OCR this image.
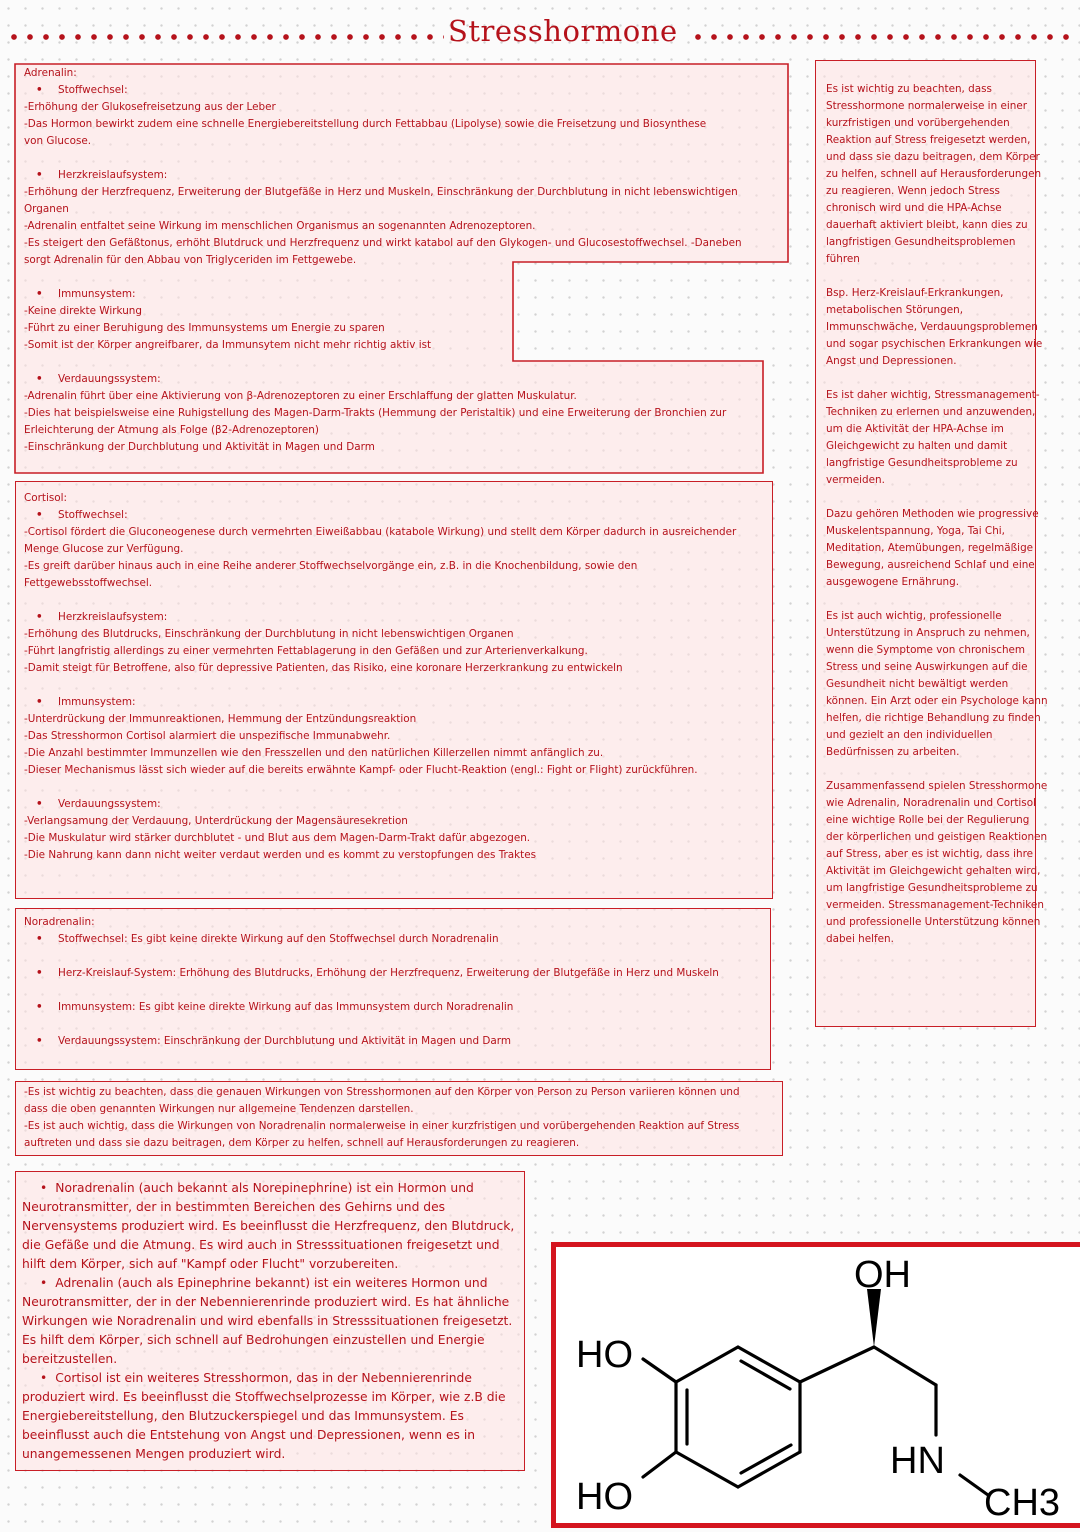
Stresshormone

Adrenalin:

• Stoffwechsel:

-Erhöhung der Glukosefreisetzung aus der Leber

-Das Hormon bewirkt zudem eine schnelle Energiebereitstellung durch Fettabbau (Lipolyse) sowie die Freisetzung und Biosynthese

von Glucose.

• Herzkreislaufsystem:

-Erhöhung der Herzfrequenz, Erweiterung der Blutgefäße in Herz und Muskeln, Einschränkung der Durchblutung in nicht lebenswichtigen

Organen

-Adrenalin entfaltet seine Wirkung im menschlichen Organismus an sogenannten Adrenozeptoren.

-Es steigert den Gefäßtonus, erhöht Blutdruck und Herzfrequenz und wirkt katabol auf den Glykogen- und Glucosestoffwechsel. -Daneben

sorgt Adrenalin für den Abbau von Triglyceriden im Fettgewebe.

• Immunsystem:

-Keine direkte Wirkung

-Führt zu einer Beruhigung des Immunsystems um Energie zu sparen

-Somit ist der Körper angreifbarer, da Immunsytem nicht mehr richtig aktiv ist

• Verdauungssystem:

-Adrenalin führt über eine Aktivierung von β-Adrenozeptoren zu einer Erschlaffung der glatten Muskulatur.

-Dies hat beispielsweise eine Ruhigstellung des Magen-Darm-Trakts (Hemmung der Peristaltik) und eine Erweiterung der Bronchien zur

Erleichterung der Atmung als Folge (β2-Adrenozeptoren)

-Einschränkung der Durchblutung und Aktivität in Magen und Darm

Cortisol:

• Stoffwechsel:

-Cortisol fördert die Gluconeogenese durch vermehrten Eiweißabbau (katabole Wirkung) und stellt dem Körper dadurch in ausreichender

Menge Glucose zur Verfügung.

-Es greift darüber hinaus auch in eine Reihe anderer Stoffwechselvorgänge ein, z.B. in die Knochenbildung, sowie den

Fettgewebsstoffwechsel.

• Herzkreislaufsystem:

-Erhöhung des Blutdrucks, Einschränkung der Durchblutung in nicht lebenswichtigen Organen

-Führt langfristig allerdings zu einer vermehrten Fettablagerung in den Gefäßen und zur Arterienverkalkung.

-Damit steigt für Betroffene, also für depressive Patienten, das Risiko, eine koronare Herzerkrankung zu entwickeln

• Immunsystem:

-Unterdrückung der Immunreaktionen, Hemmung der Entzündungsreaktion

-Das Stresshormon Cortisol alarmiert die unspezifische Immunabwehr.

-Die Anzahl bestimmter Immunzellen wie den Fresszellen und den natürlichen Killerzellen nimmt anfänglich zu.

-Dieser Mechanismus lässt sich wieder auf die bereits erwähnte Kampf- oder Flucht-Reaktion (engl.: Fight or Flight) zurückführen.

• Verdauungssystem:

-Verlangsamung der Verdauung, Unterdrückung der Magensäuresekretion

-Die Muskulatur wird stärker durchblutet - und Blut aus dem Magen-Darm-Trakt dafür abgezogen.

-Die Nahrung kann dann nicht weiter verdaut werden und es kommt zu verstopfungen des Traktes

Noradrenalin:

• Stoffwechsel: Es gibt keine direkte Wirkung auf den Stoffwechsel durch Noradrenalin

• Herz-Kreislauf-System: Erhöhung des Blutdrucks, Erhöhung der Herzfrequenz, Erweiterung der Blutgefäße in Herz und Muskeln

• Immunsystem: Es gibt keine direkte Wirkung auf das Immunsystem durch Noradrenalin

• Verdauungssystem: Einschränkung der Durchblutung und Aktivität in Magen und Darm

-Es ist wichtig zu beachten, dass die genauen Wirkungen von Stresshormonen auf den Körper von Person zu Person variieren können und

dass die oben genannten Wirkungen nur allgemeine Tendenzen darstellen.

-Es ist auch wichtig, dass die Wirkungen von Noradrenalin normalerweise in einer kurzfristigen und vorübergehenden Reaktion auf Stress

auftreten und dass sie dazu beitragen, dem Körper zu helfen, schnell auf Herausforderungen zu reagieren.

Es ist wichtig zu beachten, dass Stresshormone normalerweise in einer kurzfristigen und vorübergehenden Reaktion auf Stress freigesetzt werden, und dass sie dazu beitragen, dem Körper zu helfen, schnell auf Herausforderungen zu reagieren. Wenn jedoch Stress chronisch wird und die HPA-Achse dauerhaft aktiviert bleibt, kann dies zu langfristigen Gesundheitsproblemen führen

Bsp. Herz-Kreislauf-Erkrankungen, metabolischen Störungen, Immunschwäche, Verdauungsproblemen und sogar psychischen Erkrankungen wie Angst und Depressionen.

Es ist daher wichtig, Stressmanagement-Techniken zu erlernen und anzuwenden, um die Aktivität der HPA-Achse im Gleichgewicht zu halten und damit langfristige Gesundheitsprobleme zu vermeiden.

Dazu gehören Methoden wie progressive Muskelentspannung, Yoga, Tai Chi, Meditation, Atemübungen, regelmäßige Bewegung, ausreichend Schlaf und eine ausgewogene Ernährung.

Es ist auch wichtig, professionelle Unterstützung in Anspruch zu nehmen, wenn die Symptome von chronischem Stress und seine Auswirkungen auf die Gesundheit nicht bewältigt werden können. Ein Arzt oder ein Psychologe kann helfen, die richtige Behandlung zu finden und gezielt an den individuellen Bedürfnissen zu arbeiten.

Zusammenfassend spielen Stresshormone wie Adrenalin, Noradrenalin und Cortisol eine wichtige Rolle bei der Regulierung der körperlichen und geistigen Reaktionen auf Stress, aber es ist wichtig, dass ihre Aktivität im Gleichgewicht gehalten wird, um langfristige Gesundheitsprobleme zu vermeiden. Stressmanagement-Techniken und professionelle Unterstützung können dabei helfen.

• Noradrenalin (auch bekannt als Norepinephrine) ist ein Hormon und Neurotransmitter, der in bestimmten Bereichen des Gehirns und des Nervensystems produziert wird. Es beeinflusst die Herzfrequenz, den Blutdruck, die Gefäße und die Atmung. Es wird auch in Stresssituationen freigesetzt und hilft dem Körper, sich auf "Kampf oder Flucht" vorzubereiten.

• Adrenalin (auch als Epinephrine bekannt) ist ein weiteres Hormon und Neurotransmitter, der in der Nebennierenrinde produziert wird. Es hat ähnliche Wirkungen wie Noradrenalin und wird ebenfalls in Stresssituationen freigesetzt. Es hilft dem Körper, sich schnell auf Bedrohungen einzustellen und Energie bereitzustellen.

• Cortisol ist ein weiteres Stresshormon, das in der Nebennierenrinde produziert wird. Es beeinflusst die Stoffwechselprozesse im Körper, wie z.B die Energiebereitstellung, den Blutzuckerspiegel und das Immunsystem. Es beeinflusst auch die Entstehung von Angst und Depressionen, wenn es in unangemessenen Mengen produziert wird.

OH
HO
HO
HN
CH3
